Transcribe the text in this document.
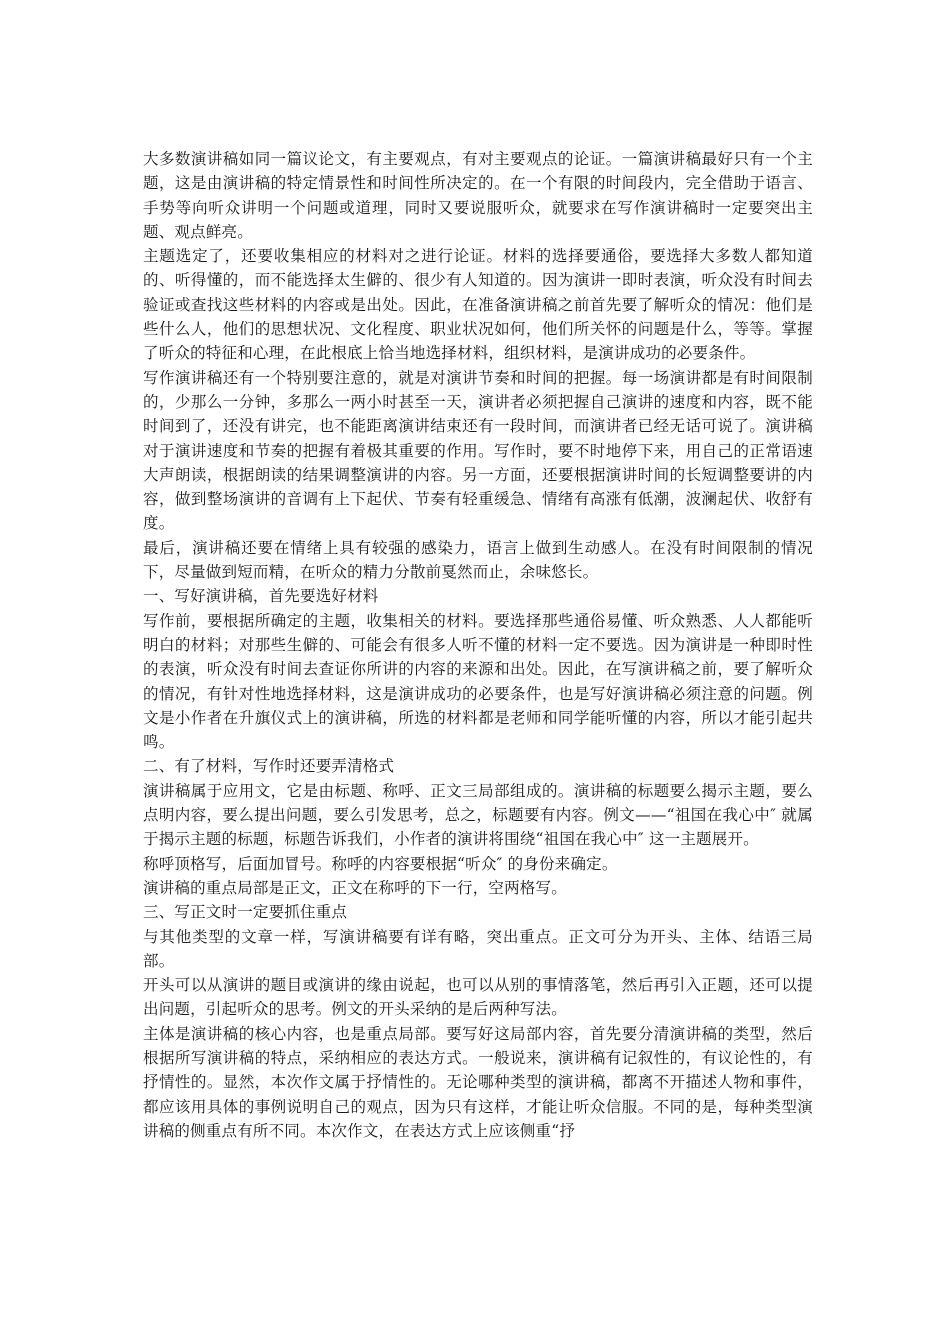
大多数演讲稿如同一篇议论文，有主要观点，有对主要观点的论证。一篇演讲稿最好只有一个主题，这是由演讲稿的特定情景性和时间性所决定的。在一个有限的时间段内，完全借助于语言、手势等向听众讲明一个问题或道理，同时又要说服听众，就要求在写作演讲稿时一定要突出主题、观点鲜亮。

主题选定了，还要收集相应的材料对之进行论证。材料的选择要通俗，要选择大多数人都知道的、听得懂的，而不能选择太生僻的、很少有人知道的。因为演讲一即时表演，听众没有时间去验证或查找这些材料的内容或是出处。因此，在准备演讲稿之前首先要了解听众的情况：他们是些什么人，他们的思想状况、文化程度、职业状况如何，他们所关怀的问题是什么，等等。掌握了听众的特征和心理，在此根底上恰当地选择材料，组织材料，是演讲成功的必要条件。

写作演讲稿还有一个特别要注意的，就是对演讲节奏和时间的把握。每一场演讲都是有时间限制的，少那么一分钟，多那么一两小时甚至一天，演讲者必须把握自己演讲的速度和内容，既不能时间到了，还没有讲完，也不能距离演讲结束还有一段时间，而演讲者已经无话可说了。演讲稿对于演讲速度和节奏的把握有着极其重要的作用。写作时，要不时地停下来，用自己的正常语速大声朗读，根据朗读的结果调整演讲的内容。另一方面，还要根据演讲时间的长短调整要讲的内容，做到整场演讲的音调有上下起伏、节奏有轻重缓急、情绪有高涨有低潮，波澜起伏、收舒有度。

最后，演讲稿还要在情绪上具有较强的感染力，语言上做到生动感人。在没有时间限制的情况下，尽量做到短而精，在听众的精力分散前戛然而止，余味悠长。

一、写好演讲稿，首先要选好材料

写作前，要根据所确定的主题，收集相关的材料。要选择那些通俗易懂、听众熟悉、人人都能听明白的材料；对那些生僻的、可能会有很多人听不懂的材料一定不要选。因为演讲是一种即时性的表演，听众没有时间去查证你所讲的内容的来源和出处。因此，在写演讲稿之前，要了解听众的情况，有针对性地选择材料，这是演讲成功的必要条件，也是写好演讲稿必须注意的问题。例文是小作者在升旗仪式上的演讲稿，所选的材料都是老师和同学能听懂的内容，所以才能引起共鸣。

二、有了材料，写作时还要弄清格式

演讲稿属于应用文，它是由标题、称呼、正文三局部组成的。演讲稿的标题要么揭示主题，要么点明内容，要么提出问题，要么引发思考，总之，标题要有内容。例文——“祖国在我心中″ 就属于揭示主题的标题，标题告诉我们，小作者的演讲将围绕“祖国在我心中″ 这一主题展开。

称呼顶格写，后面加冒号。称呼的内容要根据“听众″ 的身份来确定。

演讲稿的重点局部是正文，正文在称呼的下一行，空两格写。

三、写正文时一定要抓住重点

与其他类型的文章一样，写演讲稿要有详有略，突出重点。正文可分为开头、主体、结语三局部。

开头可以从演讲的题目或演讲的缘由说起，也可以从别的事情落笔，然后再引入正题，还可以提出问题，引起听众的思考。例文的开头采纳的是后两种写法。

主体是演讲稿的核心内容，也是重点局部。要写好这局部内容，首先要分清演讲稿的类型，然后根据所写演讲稿的特点，采纳相应的表达方式。一般说来，演讲稿有记叙性的，有议论性的，有抒情性的。显然，本次作文属于抒情性的。无论哪种类型的演讲稿，都离不开描述人物和事件，都应该用具体的事例说明自己的观点，因为只有这样，才能让听众信服。不同的是，每种类型演讲稿的侧重点有所不同。本次作文，在表达方式上应该侧重“抒
